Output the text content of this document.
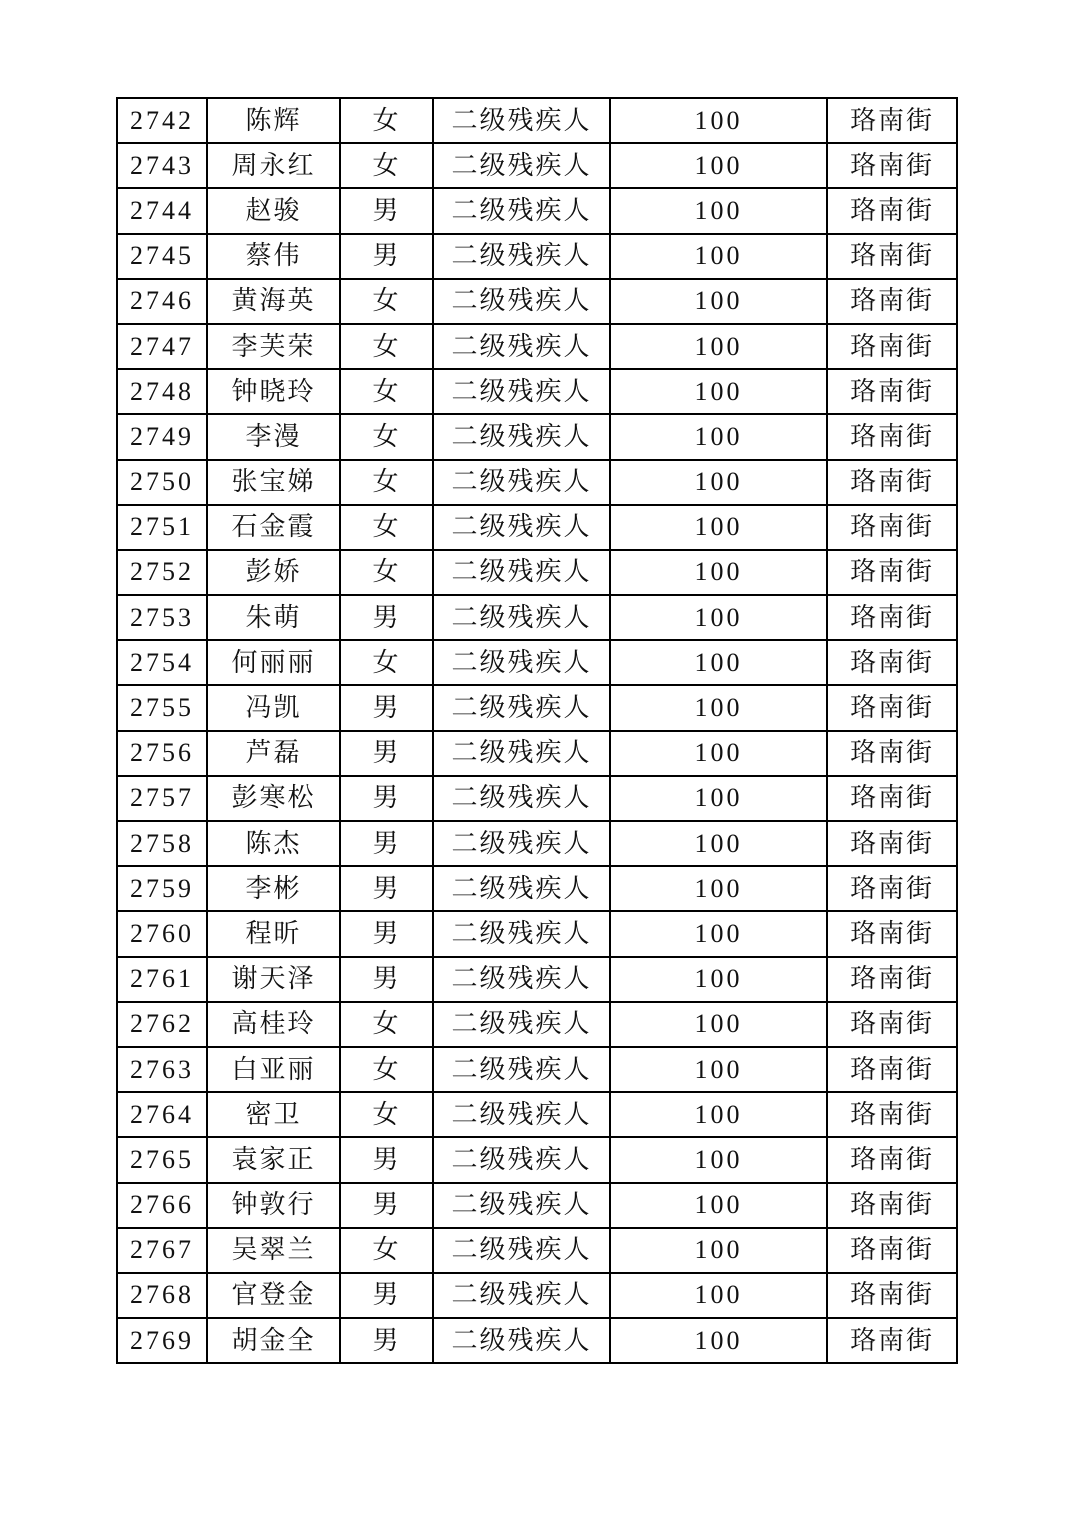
2742	陈辉	女	二级残疾人	100	珞南街
2743	周永红	女	二级残疾人	100	珞南街
2744	赵骏	男	二级残疾人	100	珞南街
2745	蔡伟	男	二级残疾人	100	珞南街
2746	黄海英	女	二级残疾人	100	珞南街
2747	李芙荣	女	二级残疾人	100	珞南街
2748	钟晓玲	女	二级残疾人	100	珞南街
2749	李漫	女	二级残疾人	100	珞南街
2750	张宝娣	女	二级残疾人	100	珞南街
2751	石金霞	女	二级残疾人	100	珞南街
2752	彭娇	女	二级残疾人	100	珞南街
2753	朱萌	男	二级残疾人	100	珞南街
2754	何丽丽	女	二级残疾人	100	珞南街
2755	冯凯	男	二级残疾人	100	珞南街
2756	芦磊	男	二级残疾人	100	珞南街
2757	彭寒松	男	二级残疾人	100	珞南街
2758	陈杰	男	二级残疾人	100	珞南街
2759	李彬	男	二级残疾人	100	珞南街
2760	程昕	男	二级残疾人	100	珞南街
2761	谢天泽	男	二级残疾人	100	珞南街
2762	高桂玲	女	二级残疾人	100	珞南街
2763	白亚丽	女	二级残疾人	100	珞南街
2764	密卫	女	二级残疾人	100	珞南街
2765	袁家正	男	二级残疾人	100	珞南街
2766	钟敦行	男	二级残疾人	100	珞南街
2767	吴翠兰	女	二级残疾人	100	珞南街
2768	官登金	男	二级残疾人	100	珞南街
2769	胡金全	男	二级残疾人	100	珞南街
